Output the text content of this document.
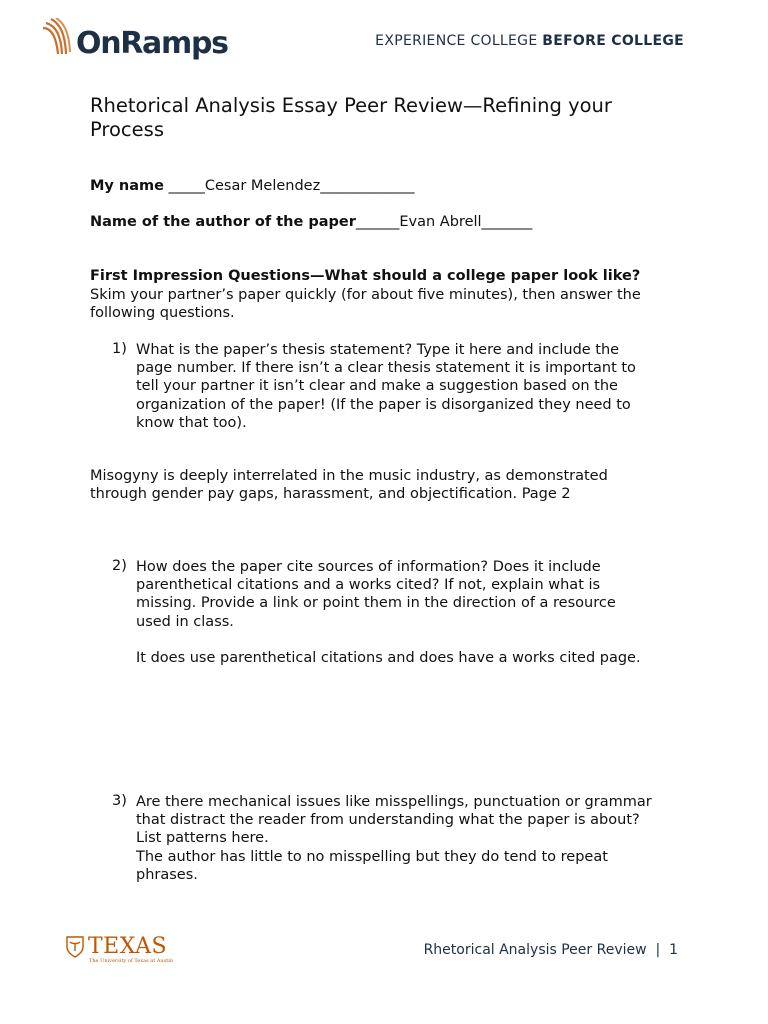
OnRamps	EXPERIENCE COLLEGE BEFORE COLLEGE
Rhetorical Analysis Essay Peer Review—Refining your
Process
My name _____Cesar Melendez_____________
Name of the author of the paper______Evan Abrell_______
First Impression Questions—What should a college paper look like?
Skim your partner’s paper quickly (for about five minutes), then answer the
following questions.
1) What is the paper’s thesis statement? Type it here and include the
page number. If there isn’t a clear thesis statement it is important to
tell your partner it isn’t clear and make a suggestion based on the
organization of the paper! (If the paper is disorganized they need to
know that too).
Misogyny is deeply interrelated in the music industry, as demonstrated
through gender pay gaps, harassment, and objectification. Page 2
2) How does the paper cite sources of information? Does it include
parenthetical citations and a works cited? If not, explain what is
missing. Provide a link or point them in the direction of a resource
used in class.
It does use parenthetical citations and does have a works cited page.
3) Are there mechanical issues like misspellings, punctuation or grammar
that distract the reader from understanding what the paper is about?
List patterns here.
The author has little to no misspelling but they do tend to repeat
phrases.
TEXAS
The University of Texas at Austin
Rhetorical Analysis Peer Review  |  1
